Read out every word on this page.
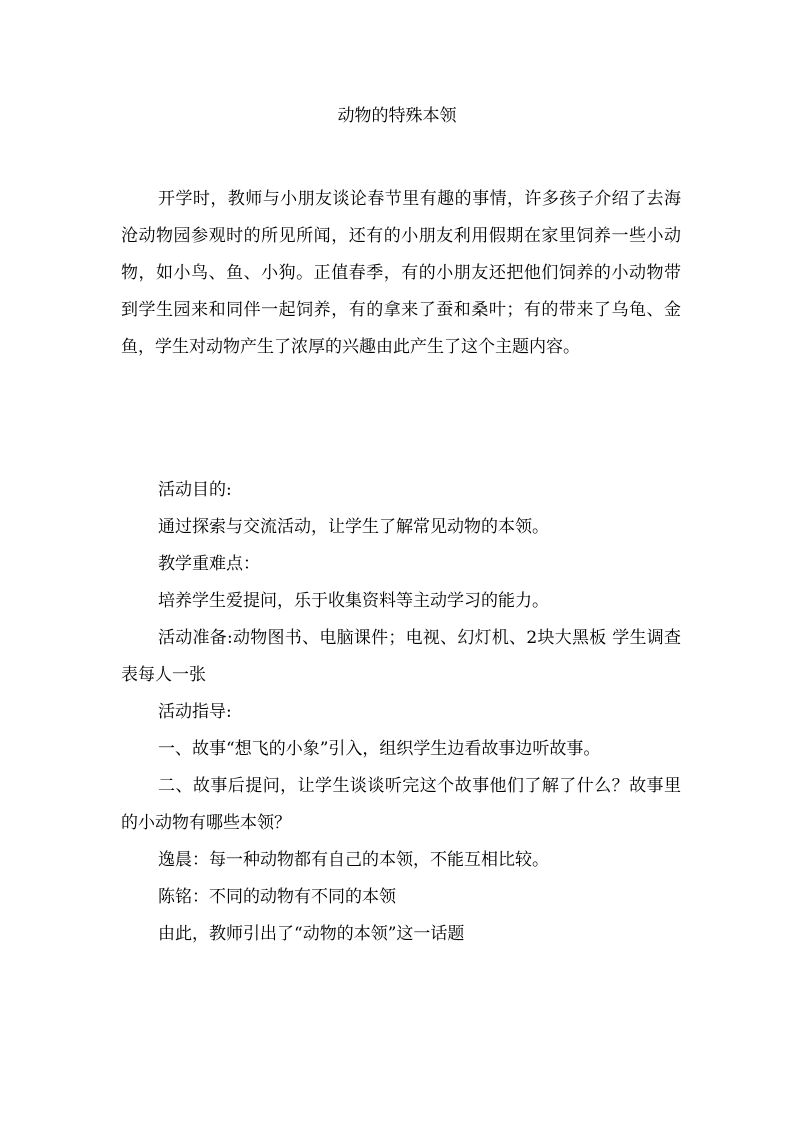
动物的特殊本领

开学时，教师与小朋友谈论春节里有趣的事情，许多孩子介绍了去海沧动物园参观时的所见所闻，还有的小朋友利用假期在家里饲养一些小动物，如小鸟、鱼、小狗。正值春季，有的小朋友还把他们饲养的小动物带到学生园来和同伴一起饲养，有的拿来了蚕和桑叶；有的带来了乌龟、金鱼，学生对动物产生了浓厚的兴趣由此产生了这个主题内容。

活动目的:

通过探索与交流活动，让学生了解常见动物的本领。

教学重难点：

培养学生爱提问，乐于收集资料等主动学习的能力。

活动准备:动物图书、电脑课件；电视、幻灯机、2块大黑板 学生调查表每人一张

活动指导:

一、故事“想飞的小象”引入，组织学生边看故事边听故事。

二、故事后提问，让学生谈谈听完这个故事他们了解了什么？故事里的小动物有哪些本领？

逸晨：每一种动物都有自己的本领，不能互相比较。

陈铭：不同的动物有不同的本领

由此，教师引出了“动物的本领”这一话题
